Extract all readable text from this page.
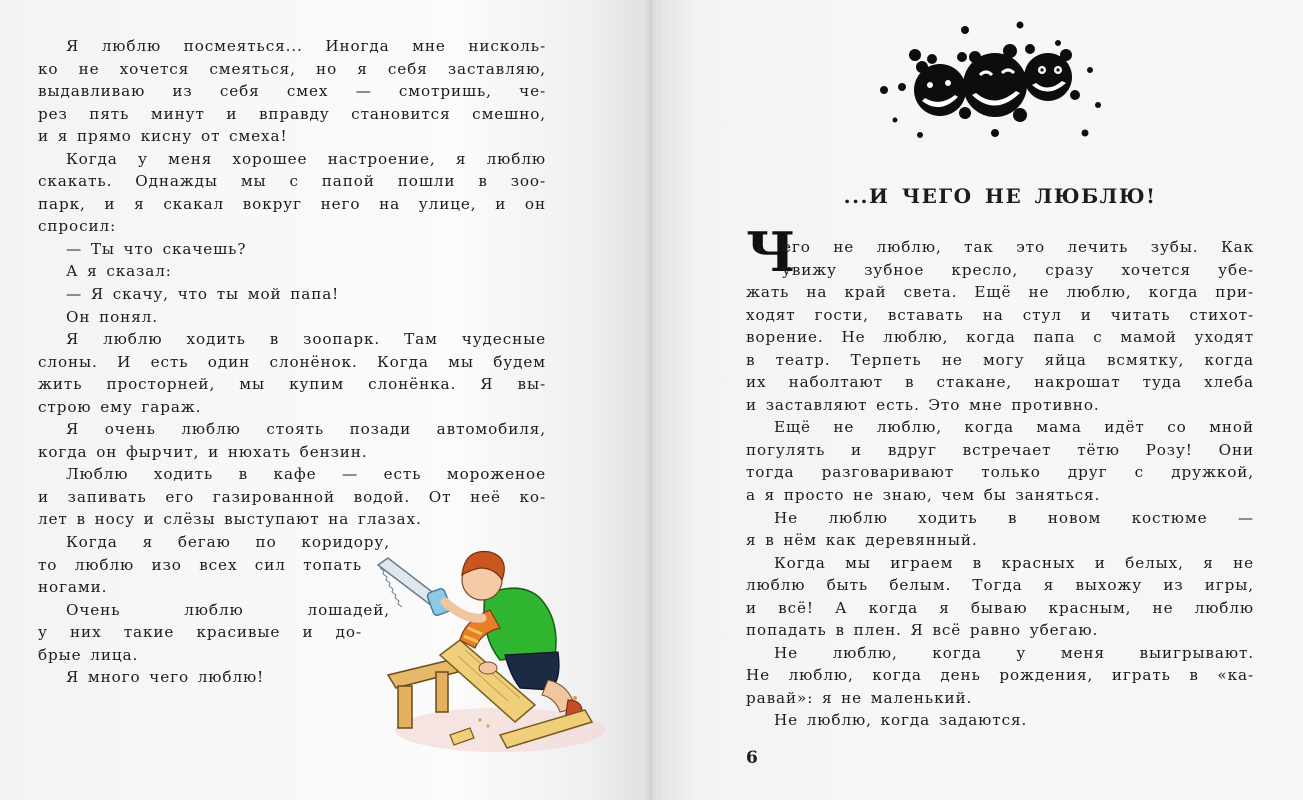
Я люблю посмеяться... Иногда мне нисколь-
ко не хочется смеяться, но я себя заставляю,
выдавливаю из себя смех — смотришь, че-
рез пять минут и вправду становится смешно,
и я прямо кисну от смеха!
Когда у меня хорошее настроение, я люблю
скакать. Однажды мы с папой пошли в зоо-
парк, и я скакал вокруг него на улице, и он
спросил:
— Ты что скачешь?
А я сказал:
— Я скачу, что ты мой папа!
Он понял.
Я люблю ходить в зоопарк. Там чудесные
слоны. И есть один слонёнок. Когда мы будем
жить просторней, мы купим слонёнка. Я вы-
строю ему гараж.
Я очень люблю стоять позади автомобиля,
когда он фырчит, и нюхать бензин.
Люблю ходить в кафе — есть мороженое
и запивать его газированной водой. От неё ко-
лет в носу и слёзы выступают на глазах.
Когда я бегаю по коридору,
то люблю изо всех сил топать
ногами.
Очень люблю лошадей,
у них такие красивые и до-
брые лица.
Я много чего люблю!
...И ЧЕГО НЕ ЛЮБЛЮ!
Ч
его не люблю, так это лечить зубы. Как
увижу зубное кресло, сразу хочется убе-
жать на край света. Ещё не люблю, когда при-
ходят гости, вставать на стул и читать стихот-
ворение. Не люблю, когда папа с мамой уходят
в театр. Терпеть не могу яйца всмятку, когда
их наболтают в стакане, накрошат туда хлеба
и заставляют есть. Это мне противно.
Ещё не люблю, когда мама идёт со мной
погулять и вдруг встречает тётю Розу! Они
тогда разговаривают только друг с дружкой,
а я просто не знаю, чем бы заняться.
Не люблю ходить в новом костюме —
я в нём как деревянный.
Когда мы играем в красных и белых, я не
люблю быть белым. Тогда я выхожу из игры,
и всё! А когда я бываю красным, не люблю
попадать в плен. Я всё равно убегаю.
Не люблю, когда у меня выигрывают.
Не люблю, когда день рождения, играть в «ка-
равай»: я не маленький.
Не люблю, когда задаются.
6
